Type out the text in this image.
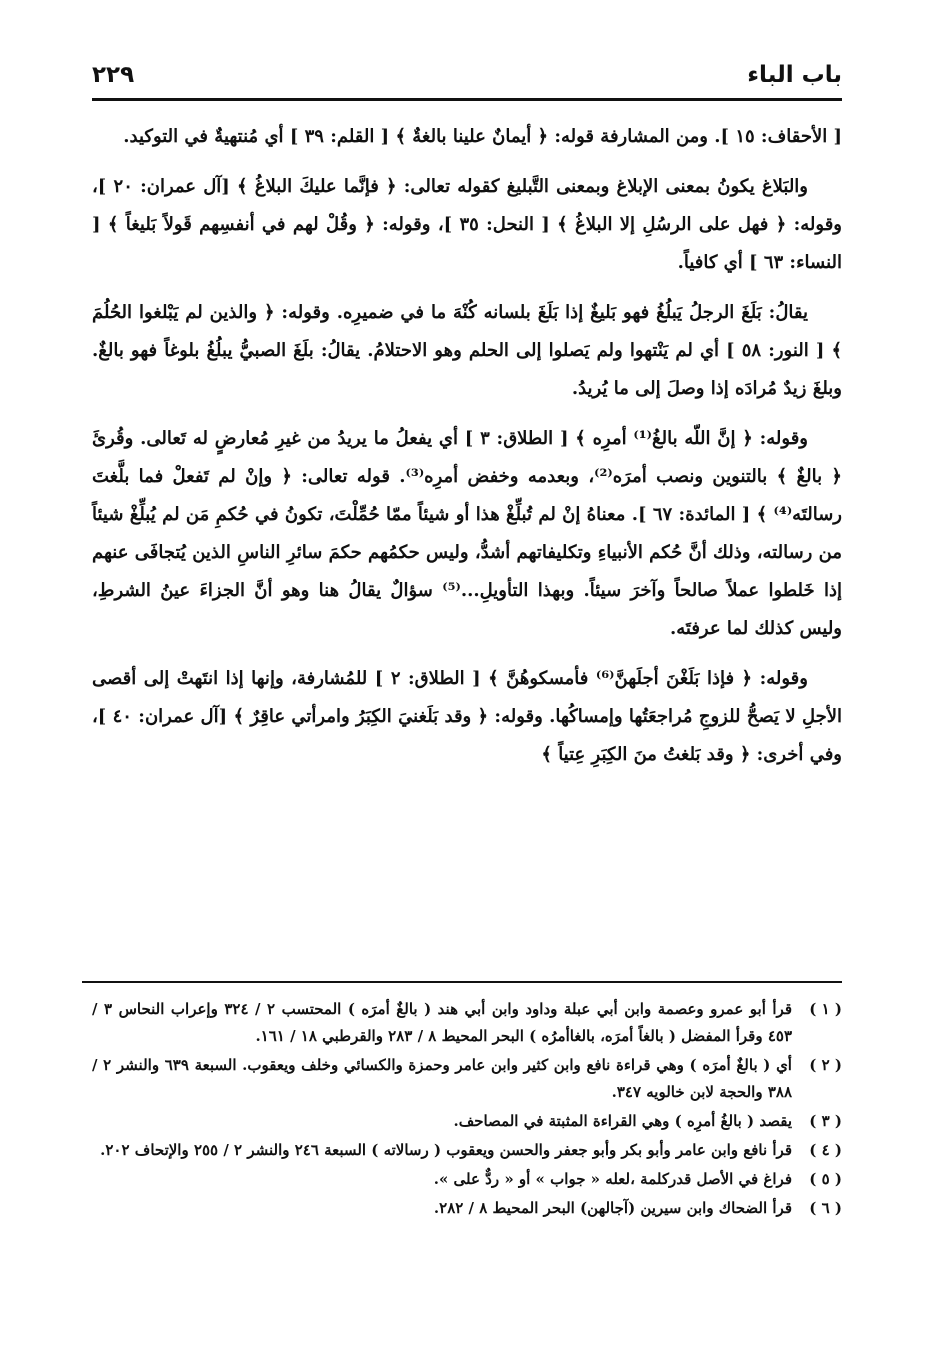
باب الباء
٢٢٩

[ الأحقاف: ١٥ ]. ومن المشارفة قوله: ﴿ أيمانٌ علينا بالغةٌ ﴾ [ القلم: ٣٩ ] أي مُنتهيةٌ في التوكيد.

والبَلاغ يكونُ بمعنى الإبلاغ وبمعنى التَّبليغ كقوله تعالى: ﴿ فإنَّما عليكَ البلاغُ ﴾ [آل عمران: ٢٠ ]، وقوله: ﴿ فهل على الرسُلِ إلا البلاغُ ﴾ [ النحل: ٣٥ ]، وقوله: ﴿ وقُلْ لهم في أنفسِهم قَولاً بَليغاً ﴾ [ النساء: ٦٣ ] أي كافياً.

يقالُ: بَلَغَ الرجلُ يَبلُغُ فهو بَليغٌ إذا بَلَغَ بلسانه كُنْهَ ما في ضميرِه. وقوله: ﴿ والذين لم يَبْلغوا الحُلُمَ ﴾ [ النور: ٥٨ ] أي لم يَنْتهوا ولم يَصلوا إلى الحلم وهو الاحتلامُ. يقالُ: بلَغَ الصبيُّ يبلُغُ بلوغاً فهو بالغٌ. وبلغَ زيدٌ مُرادَه إذا وصلَ إلى ما يُريدُ.

وقوله: ﴿ إنَّ اللّه بالغُ⁽¹⁾ أمرِه ﴾ [ الطلاق: ٣ ] أي يفعلُ ما يريدُ من غيرِ مُعارضٍ له تَعالى. وقُرئَ ﴿ بالغٌ ﴾ بالتنوين ونصب أمرَه⁽²⁾، وبعدمه وخفض أمرِه⁽³⁾. قوله تعالى: ﴿ وإنْ لم تَفعلْ فما بلَّغتَ رسالتَه⁽⁴⁾ ﴾ [ المائدة: ٦٧ ]. معناهُ إنْ لم تُبلِّغْ هذا أو شيئاً ممّا حُمِّلْتَ، تكونُ في حُكمِ مَن لم يُبلِّغْ شيئاً من رسالته، وذلك أنَّ حُكم الأنبياءِ وتكليفاتهم أشدُّ، وليس حكمُهم حكمَ سائرِ الناسِ الذين يُتجافَى عنهم إذا خَلطوا عملاً صالحاً وآخرَ سيئاً. وبهذا التأويلِ...⁽⁵⁾ سؤالٌ يقالُ هنا وهو أنَّ الجزاءَ عينُ الشرطِ، وليس كذلك لما عرفتَه.

وقوله: ﴿ فإذا بَلَغْنَ أجلَهنَّ⁽⁶⁾ فأمسكوهُنَّ ﴾ [ الطلاق: ٢ ] للمُشارفة، وإنها إذا انتَهتْ إلى أقصى الأجلِ لا يَصحُّ للزوجِ مُراجعَتُها وإمساكُها. وقوله: ﴿ وقد بَلَغنيَ الكِبَرُ وامرأتي عاقِرٌ ﴾ [آل عمران: ٤٠ ]، وفي أخرى: ﴿ وقد بَلغتُ منَ الكِبَرِ عِتياً ﴾

( ١ )
قرأ أبو عمرو وعصمة وابن أبي عبلة وداود وابن أبي هند ( بالغٌ أمرَه ) المحتسب ٢ / ٣٢٤ وإعراب النحاس ٣ / ٤٥٣ وقرأ المفضل ( بالغاً أمرَه، بالغاأمرُه ) البحر المحيط ٨ / ٢٨٣ والقرطبي ١٨ / ١٦١.
( ٢ )
أي ( بالغٌ أمرَه ) وهي قراءة نافع وابن كثير وابن عامر وحمزة والكسائي وخلف ويعقوب. السبعة ٦٣٩ والنشر ٢ / ٣٨٨ والحجة لابن خالويه ٣٤٧.
( ٣ )
يقصد ( بالغُ أمرِه ) وهي القراءة المثبتة في المصاحف.
( ٤ )
قرأ نافع وابن عامر وأبو بكر وأبو جعفر والحسن ويعقوب ( رسالاته ) السبعة ٢٤٦ والنشر ٢ / ٢٥٥ والإتحاف ٢٠٢.
( ٥ )
فراغ في الأصل قدركلمة ،لعله « جواب » أو « ردٌّ على ».
( ٦ )
قرأ الضحاك وابن سيرين (آجالهن) البحر المحيط ٨ / ٢٨٢.
